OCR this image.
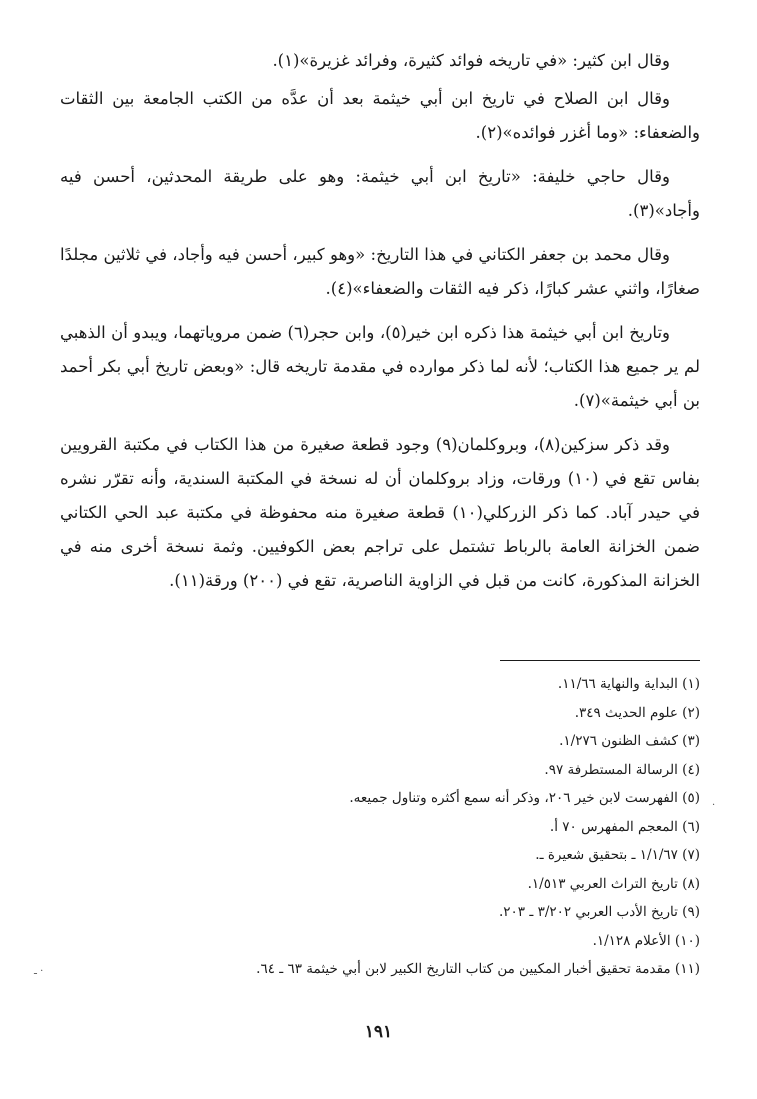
وقال ابن كثير: «في تاريخه فوائد كثيرة، وفرائد غزيرة»(١).

وقال ابن الصلاح في تاريخ ابن أبي خيثمة بعد أن عدَّه من الكتب الجامعة بين الثقات والضعفاء: «وما أغزر فوائده»(٢).

وقال حاجي خليفة: «تاريخ ابن أبي خيثمة: وهو على طريقة المحدثين، أحسن فيه وأجاد»(٣).

وقال محمد بن جعفر الكتاني في هذا التاريخ: «وهو كبير، أحسن فيه وأجاد، في ثلاثين مجلدًا صغارًا، واثني عشر كبارًا، ذكر فيه الثقات والضعفاء»(٤).

وتاريخ ابن أبي خيثمة هذا ذكره ابن خير(٥)، وابن حجر(٦) ضمن مروياتهما، ويبدو أن الذهبي لم ير جميع هذا الكتاب؛ لأنه لما ذكر موارده في مقدمة تاريخه قال: «وبعض تاريخ أبي بكر أحمد بن أبي خيثمة»(٧).

وقد ذكر سزكين(٨)، وبروكلمان(٩) وجود قطعة صغيرة من هذا الكتاب في مكتبة القرويين بفاس تقع في (١٠) ورقات، وزاد بروكلمان أن له نسخة في المكتبة السندية، وأنه تقرّر نشره في حيدر آباد. كما ذكر الزركلي(١٠) قطعة صغيرة منه محفوظة في مكتبة عبد الحي الكتاني ضمن الخزانة العامة بالرباط تشتمل على تراجم بعض الكوفيين. وثمة نسخة أخرى منه في الخزانة المذكورة، كانت من قبل في الزاوية الناصرية، تقع في (٢٠٠) ورقة(١١).

(١) البداية والنهاية ١١/٦٦.
(٢) علوم الحديث ٣٤٩.
(٣) كشف الظنون ١/٢٧٦.
(٤) الرسالة المستطرفة ٩٧.
(٥) الفهرست لابن خير ٢٠٦، وذكر أنه سمع أكثره وتناول جميعه.
(٦) المعجم المفهرس ٧٠ أ.
(٧) ١/١/٦٧ ـ بتحقيق شعيرة ـ.
(٨) تاريخ التراث العربي ١/٥١٣.
(٩) تاريخ الأدب العربي ٣/٢٠٢ ـ ٢٠٣.
(١٠) الأعلام ١/١٢٨.
(١١) مقدمة تحقيق أخبار المكيين من كتاب التاريخ الكبير لابن أبي خيثمة ٦٣ ـ ٦٤.
١٩١
·
· ـ
